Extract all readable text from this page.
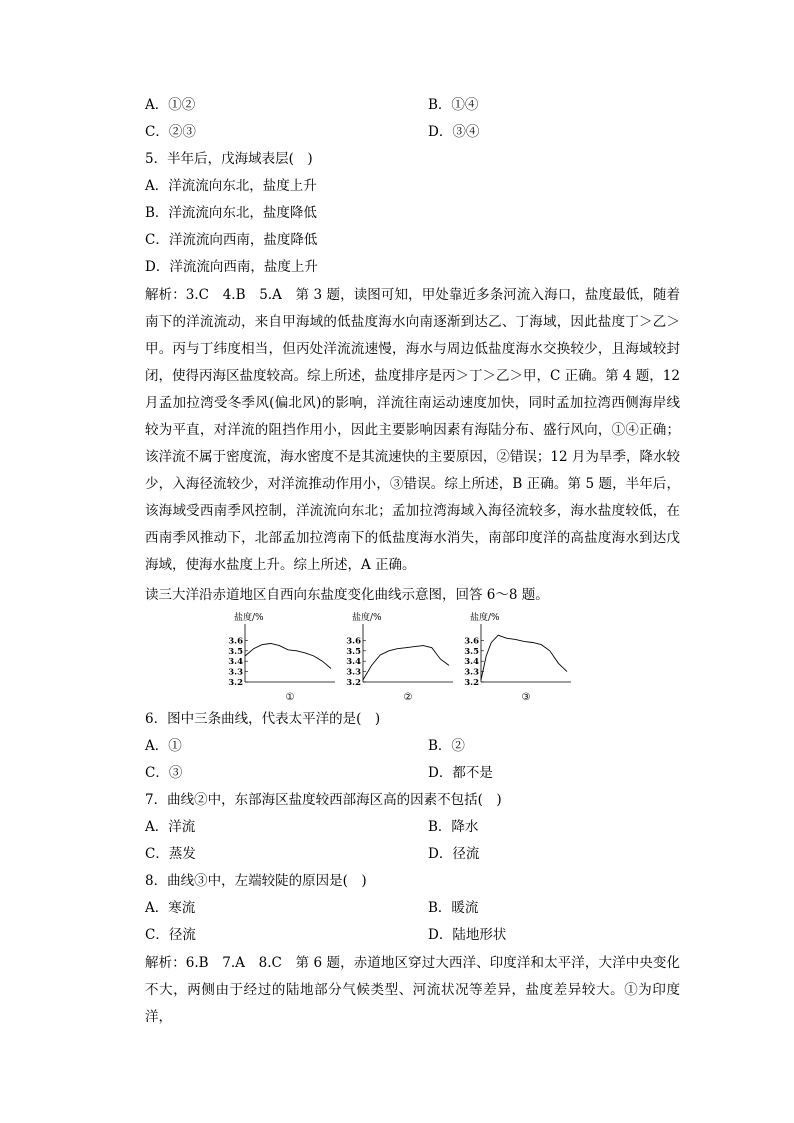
A．①②	B．①④
C．②③	D．③④
5．半年后，戊海域表层(　)
A．洋流流向东北，盐度上升
B．洋流流向东北，盐度降低
C．洋流流向西南，盐度降低
D．洋流流向西南，盐度上升
解析：3.C　4.B　5.A　第 3 题，读图可知，甲处靠近多条河流入海口，盐度最低，随着南下的洋流流动，来自甲海域的低盐度海水向南逐渐到达乙、丁海域，因此盐度丁＞乙＞甲。丙与丁纬度相当，但丙处洋流流速慢，海水与周边低盐度海水交换较少，且海域较封闭，使得丙海区盐度较高。综上所述，盐度排序是丙＞丁＞乙＞甲，C 正确。第 4 题，12 月孟加拉湾受冬季风(偏北风)的影响，洋流往南运动速度加快，同时孟加拉湾西侧海岸线较为平直，对洋流的阻挡作用小，因此主要影响因素有海陆分布、盛行风向，①④正确；该洋流不属于密度流，海水密度不是其流速快的主要原因，②错误；12 月为旱季，降水较少，入海径流较少，对洋流推动作用小，③错误。综上所述，B 正确。第 5 题，半年后，该海域受西南季风控制，洋流流向东北；孟加拉湾海域入海径流较多，海水盐度较低，在西南季风推动下，北部孟加拉湾南下的低盐度海水消失，南部印度洋的高盐度海水到达戊海域，使海水盐度上升。综上所述，A 正确。
读三大洋沿赤道地区自西向东盐度变化曲线示意图，回答 6～8 题。
盐度/%
3.6
3.5
3.4
3.3
3.2
①
盐度/%
3.6
3.5
3.4
3.3
3.2
②
盐度/%
3.6
3.5
3.4
3.3
3.2
③
6．图中三条曲线，代表太平洋的是(　)
A．①	B．②
C．③	D．都不是
7．曲线②中，东部海区盐度较西部海区高的因素不包括(　)
A．洋流	B．降水
C．蒸发	D．径流
8．曲线③中，左端较陡的原因是(　)
A．寒流	B．暖流
C．径流	D．陆地形状
解析：6.B　7.A　8.C　第 6 题，赤道地区穿过大西洋、印度洋和太平洋，大洋中央变化不大，两侧由于经过的陆地部分气候类型、河流状况等差异，盐度差异较大。①为印度洋，
